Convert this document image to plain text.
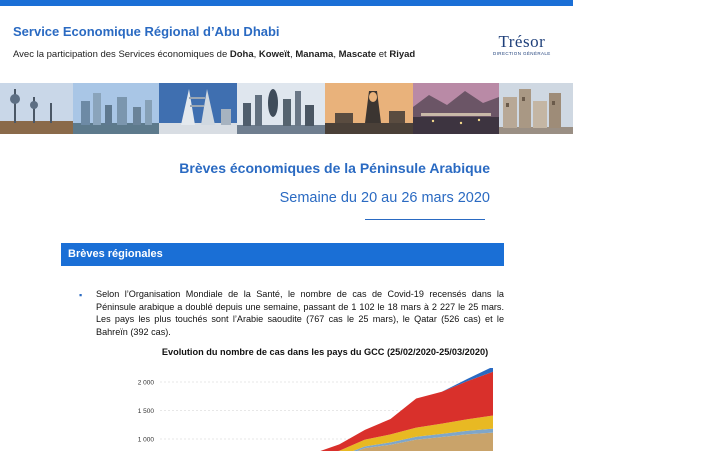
Service Economique Régional d’Abu Dhabi
Avec la participation des Services économiques de Doha, Koweït, Manama, Mascate et Riyad
Trésor
DIRECTION GÉNÉRALE
Brèves économiques de la Péninsule Arabique
Semaine du 20 au 26 mars 2020
Brèves régionales
▪ Selon l’Organisation Mondiale de la Santé, le nombre de cas de Covid-19 recensés dans la Péninsule arabique a doublé depuis une semaine, passant de 1 102 le 18 mars à 2 227 le 25 mars. Les pays les plus touchés sont l’Arabie saoudite (767 cas le 25 mars), le Qatar (526 cas) et le Bahreïn (392 cas).
Evolution du nombre de cas dans les pays du GCC (25/02/2020-25/03/2020)
2 000
1 500
1 000
